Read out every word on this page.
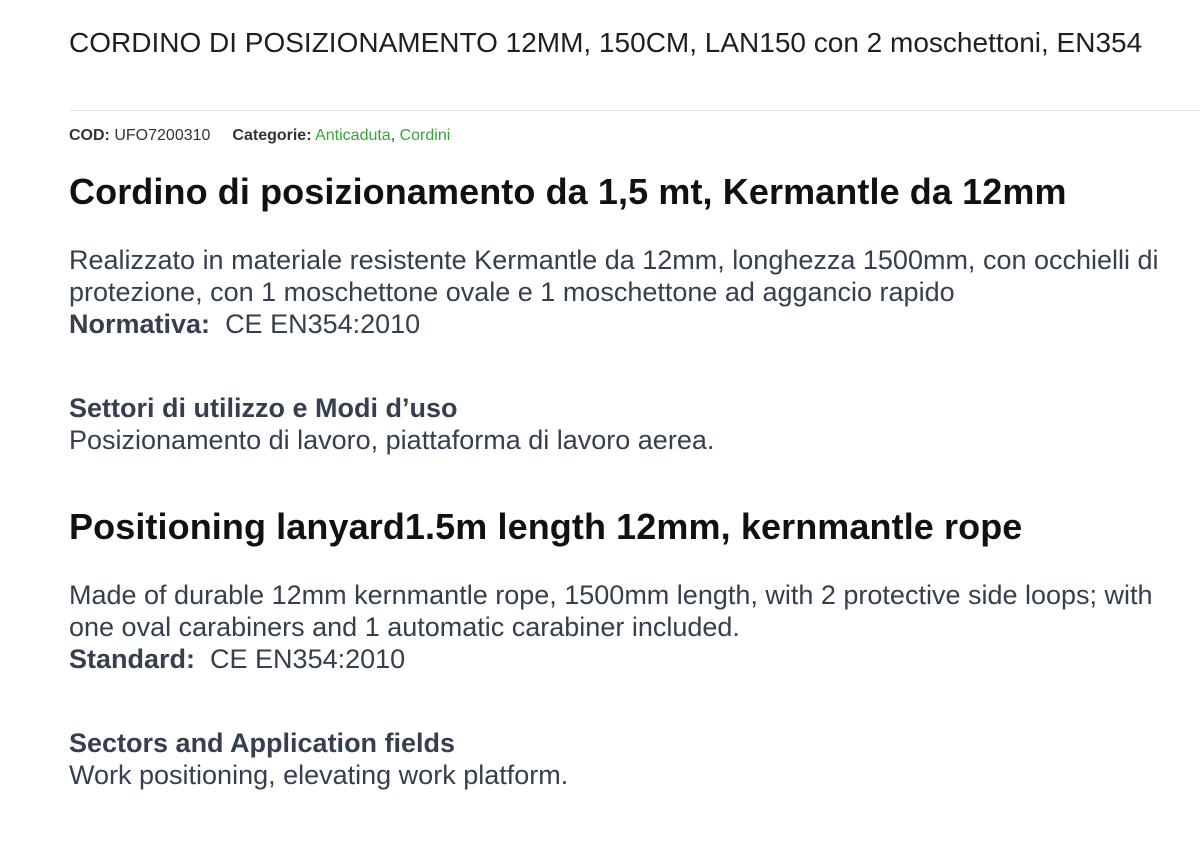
CORDINO DI POSIZIONAMENTO 12MM, 150CM, LAN150 con 2 moschettoni, EN354
COD: UFO7200310 Categorie: Anticaduta, Cordini
Cordino di posizionamento da 1,5 mt, Kermantle da 12mm

Realizzato in materiale resistente Kermantle da 12mm, longhezza 1500mm, con occhielli di protezione, con 1 moschettone ovale e 1 moschettone ad aggancio rapido

Normativa: CE EN354:2010

Settori di utilizzo e Modi d’uso

Posizionamento di lavoro, piattaforma di lavoro aerea.

Positioning lanyard1.5m length 12mm, kernmantle rope

Made of durable 12mm kernmantle rope, 1500mm length, with 2 protective side loops; with one oval carabiners and 1 automatic carabiner included.

Standard: CE EN354:2010

Sectors and Application fields

Work positioning, elevating work platform.
